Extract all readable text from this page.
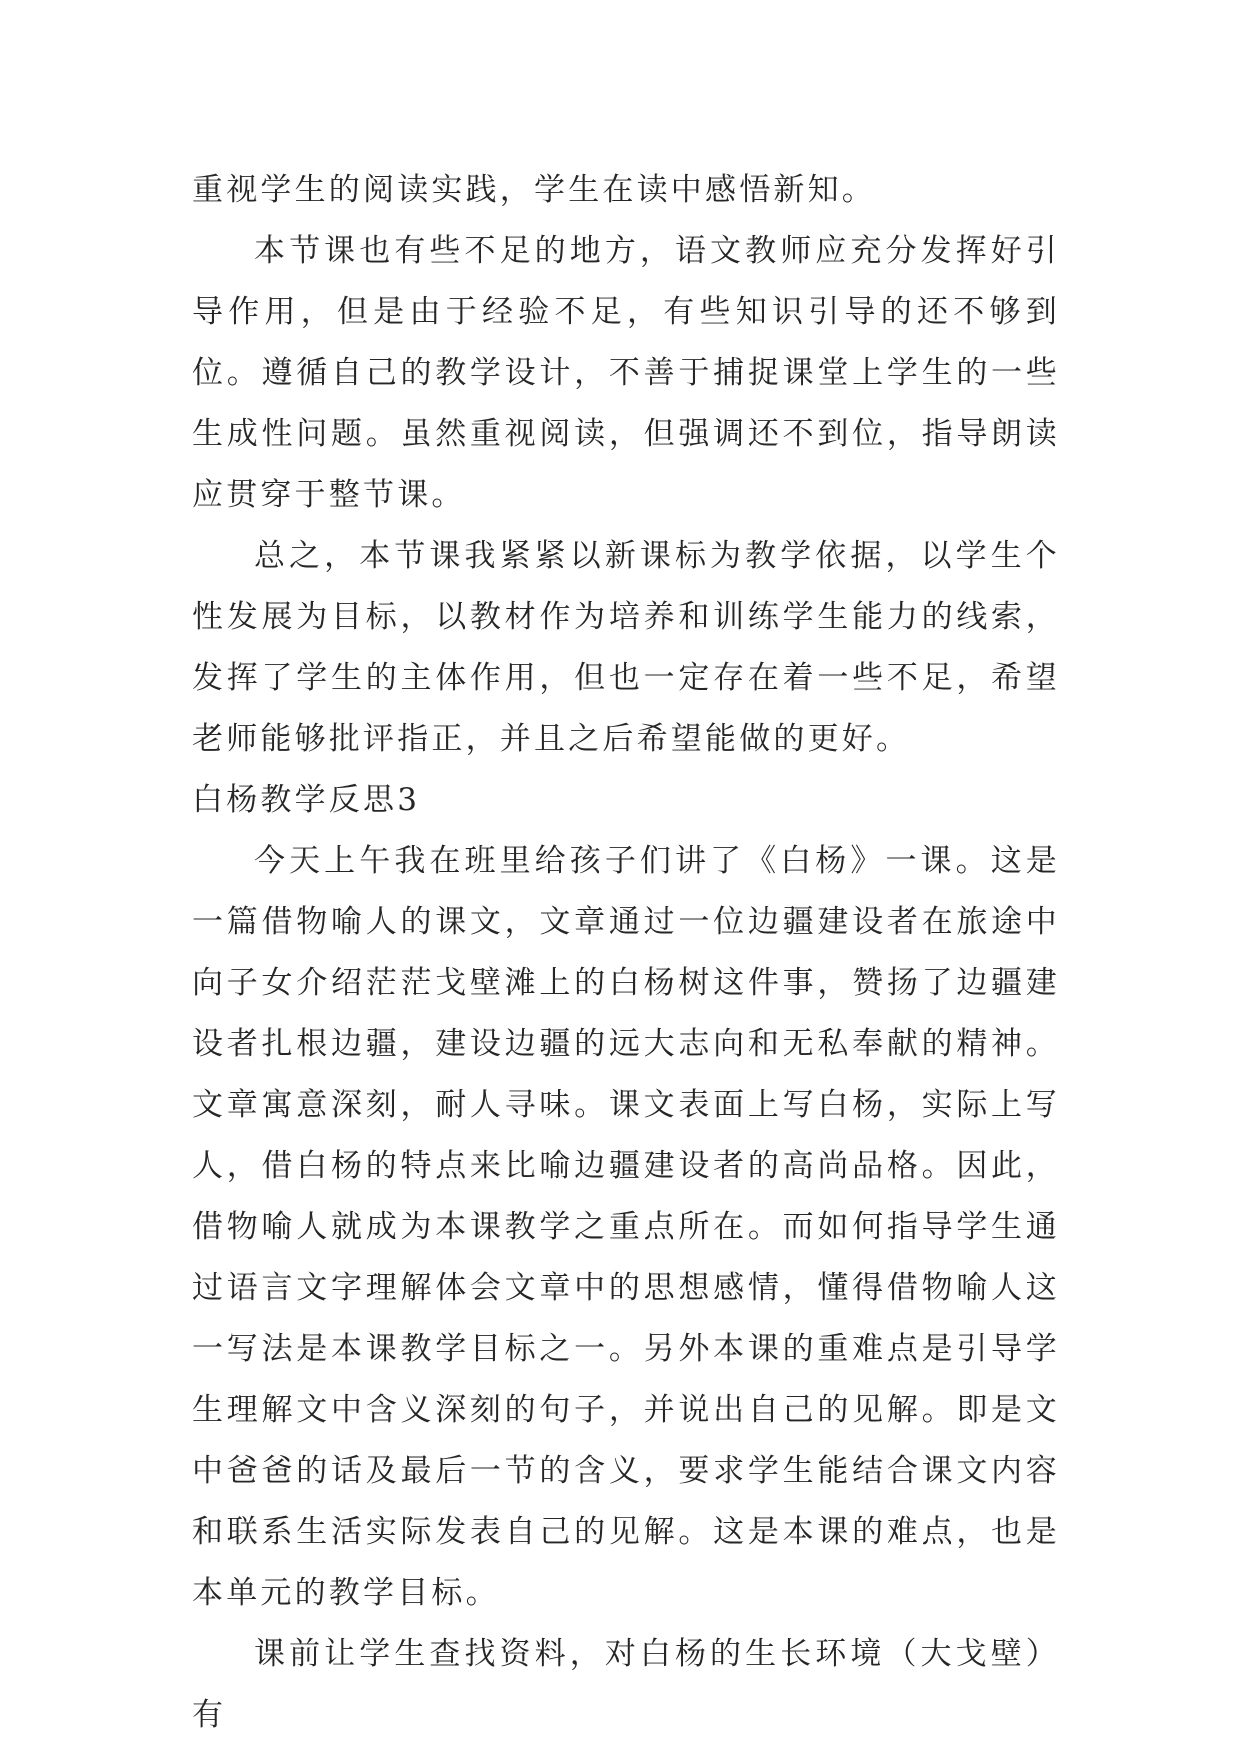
重视学生的阅读实践，学生在读中感悟新知。

本节课也有些不足的地方，语文教师应充分发挥好引导作用，但是由于经验不足，有些知识引导的还不够到位。遵循自己的教学设计，不善于捕捉课堂上学生的一些生成性问题。虽然重视阅读，但强调还不到位，指导朗读应贯穿于整节课。

总之，本节课我紧紧以新课标为教学依据，以学生个性发展为目标，以教材作为培养和训练学生能力的线索，发挥了学生的主体作用，但也一定存在着一些不足，希望老师能够批评指正，并且之后希望能做的更好。

白杨教学反思3

今天上午我在班里给孩子们讲了《白杨》一课。这是一篇借物喻人的课文，文章通过一位边疆建设者在旅途中向子女介绍茫茫戈壁滩上的白杨树这件事，赞扬了边疆建设者扎根边疆，建设边疆的远大志向和无私奉献的精神。文章寓意深刻，耐人寻味。课文表面上写白杨，实际上写人，借白杨的特点来比喻边疆建设者的高尚品格。因此，借物喻人就成为本课教学之重点所在。而如何指导学生通过语言文字理解体会文章中的思想感情，懂得借物喻人这一写法是本课教学目标之一。另外本课的重难点是引导学生理解文中含义深刻的句子，并说出自己的见解。即是文中爸爸的话及最后一节的含义，要求学生能结合课文内容和联系生活实际发表自己的见解。这是本课的难点，也是本单元的教学目标。

课前让学生查找资料，对白杨的生长环境（大戈壁）有
